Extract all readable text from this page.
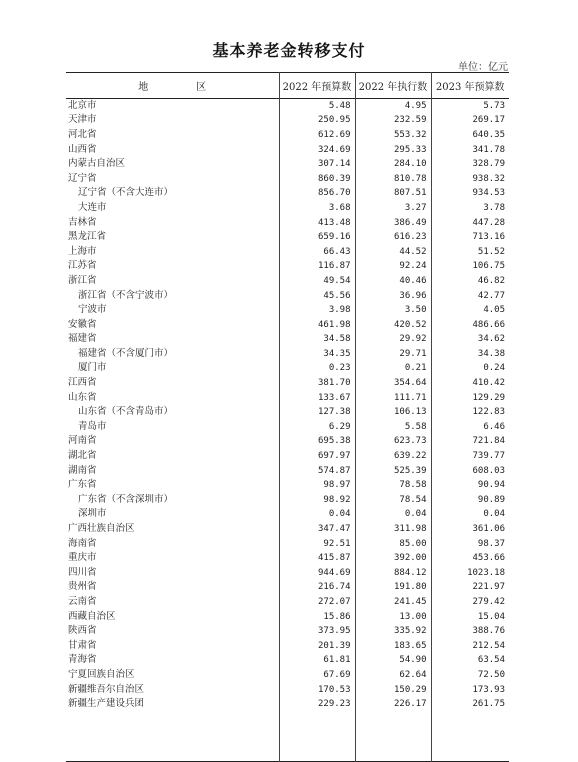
基本养老金转移支付
单位：亿元
地区	2022 年预算数	2022 年执行数	2023 年预算数
北京市	5.48	4.95	5.73
天津市	250.95	232.59	269.17
河北省	612.69	553.32	640.35
山西省	324.69	295.33	341.78
内蒙古自治区	307.14	284.10	328.79
辽宁省	860.39	810.78	938.32
辽宁省（不含大连市）	856.70	807.51	934.53
大连市	3.68	3.27	3.78
吉林省	413.48	386.49	447.28
黑龙江省	659.16	616.23	713.16
上海市	66.43	44.52	51.52
江苏省	116.87	92.24	106.75
浙江省	49.54	40.46	46.82
浙江省（不含宁波市）	45.56	36.96	42.77
宁波市	3.98	3.50	4.05
安徽省	461.98	420.52	486.66
福建省	34.58	29.92	34.62
福建省（不含厦门市）	34.35	29.71	34.38
厦门市	0.23	0.21	0.24
江西省	381.70	354.64	410.42
山东省	133.67	111.71	129.29
山东省（不含青岛市）	127.38	106.13	122.83
青岛市	6.29	5.58	6.46
河南省	695.38	623.73	721.84
湖北省	697.97	639.22	739.77
湖南省	574.87	525.39	608.03
广东省	98.97	78.58	90.94
广东省（不含深圳市）	98.92	78.54	90.89
深圳市	0.04	0.04	0.04
广西壮族自治区	347.47	311.98	361.06
海南省	92.51	85.00	98.37
重庆市	415.87	392.00	453.66
四川省	944.69	884.12	1023.18
贵州省	216.74	191.80	221.97
云南省	272.07	241.45	279.42
西藏自治区	15.86	13.00	15.04
陕西省	373.95	335.92	388.76
甘肃省	201.39	183.65	212.54
青海省	61.81	54.90	63.54
宁夏回族自治区	67.69	62.64	72.50
新疆维吾尔自治区	170.53	150.29	173.93
新疆生产建设兵团	229.23	226.17	261.75
